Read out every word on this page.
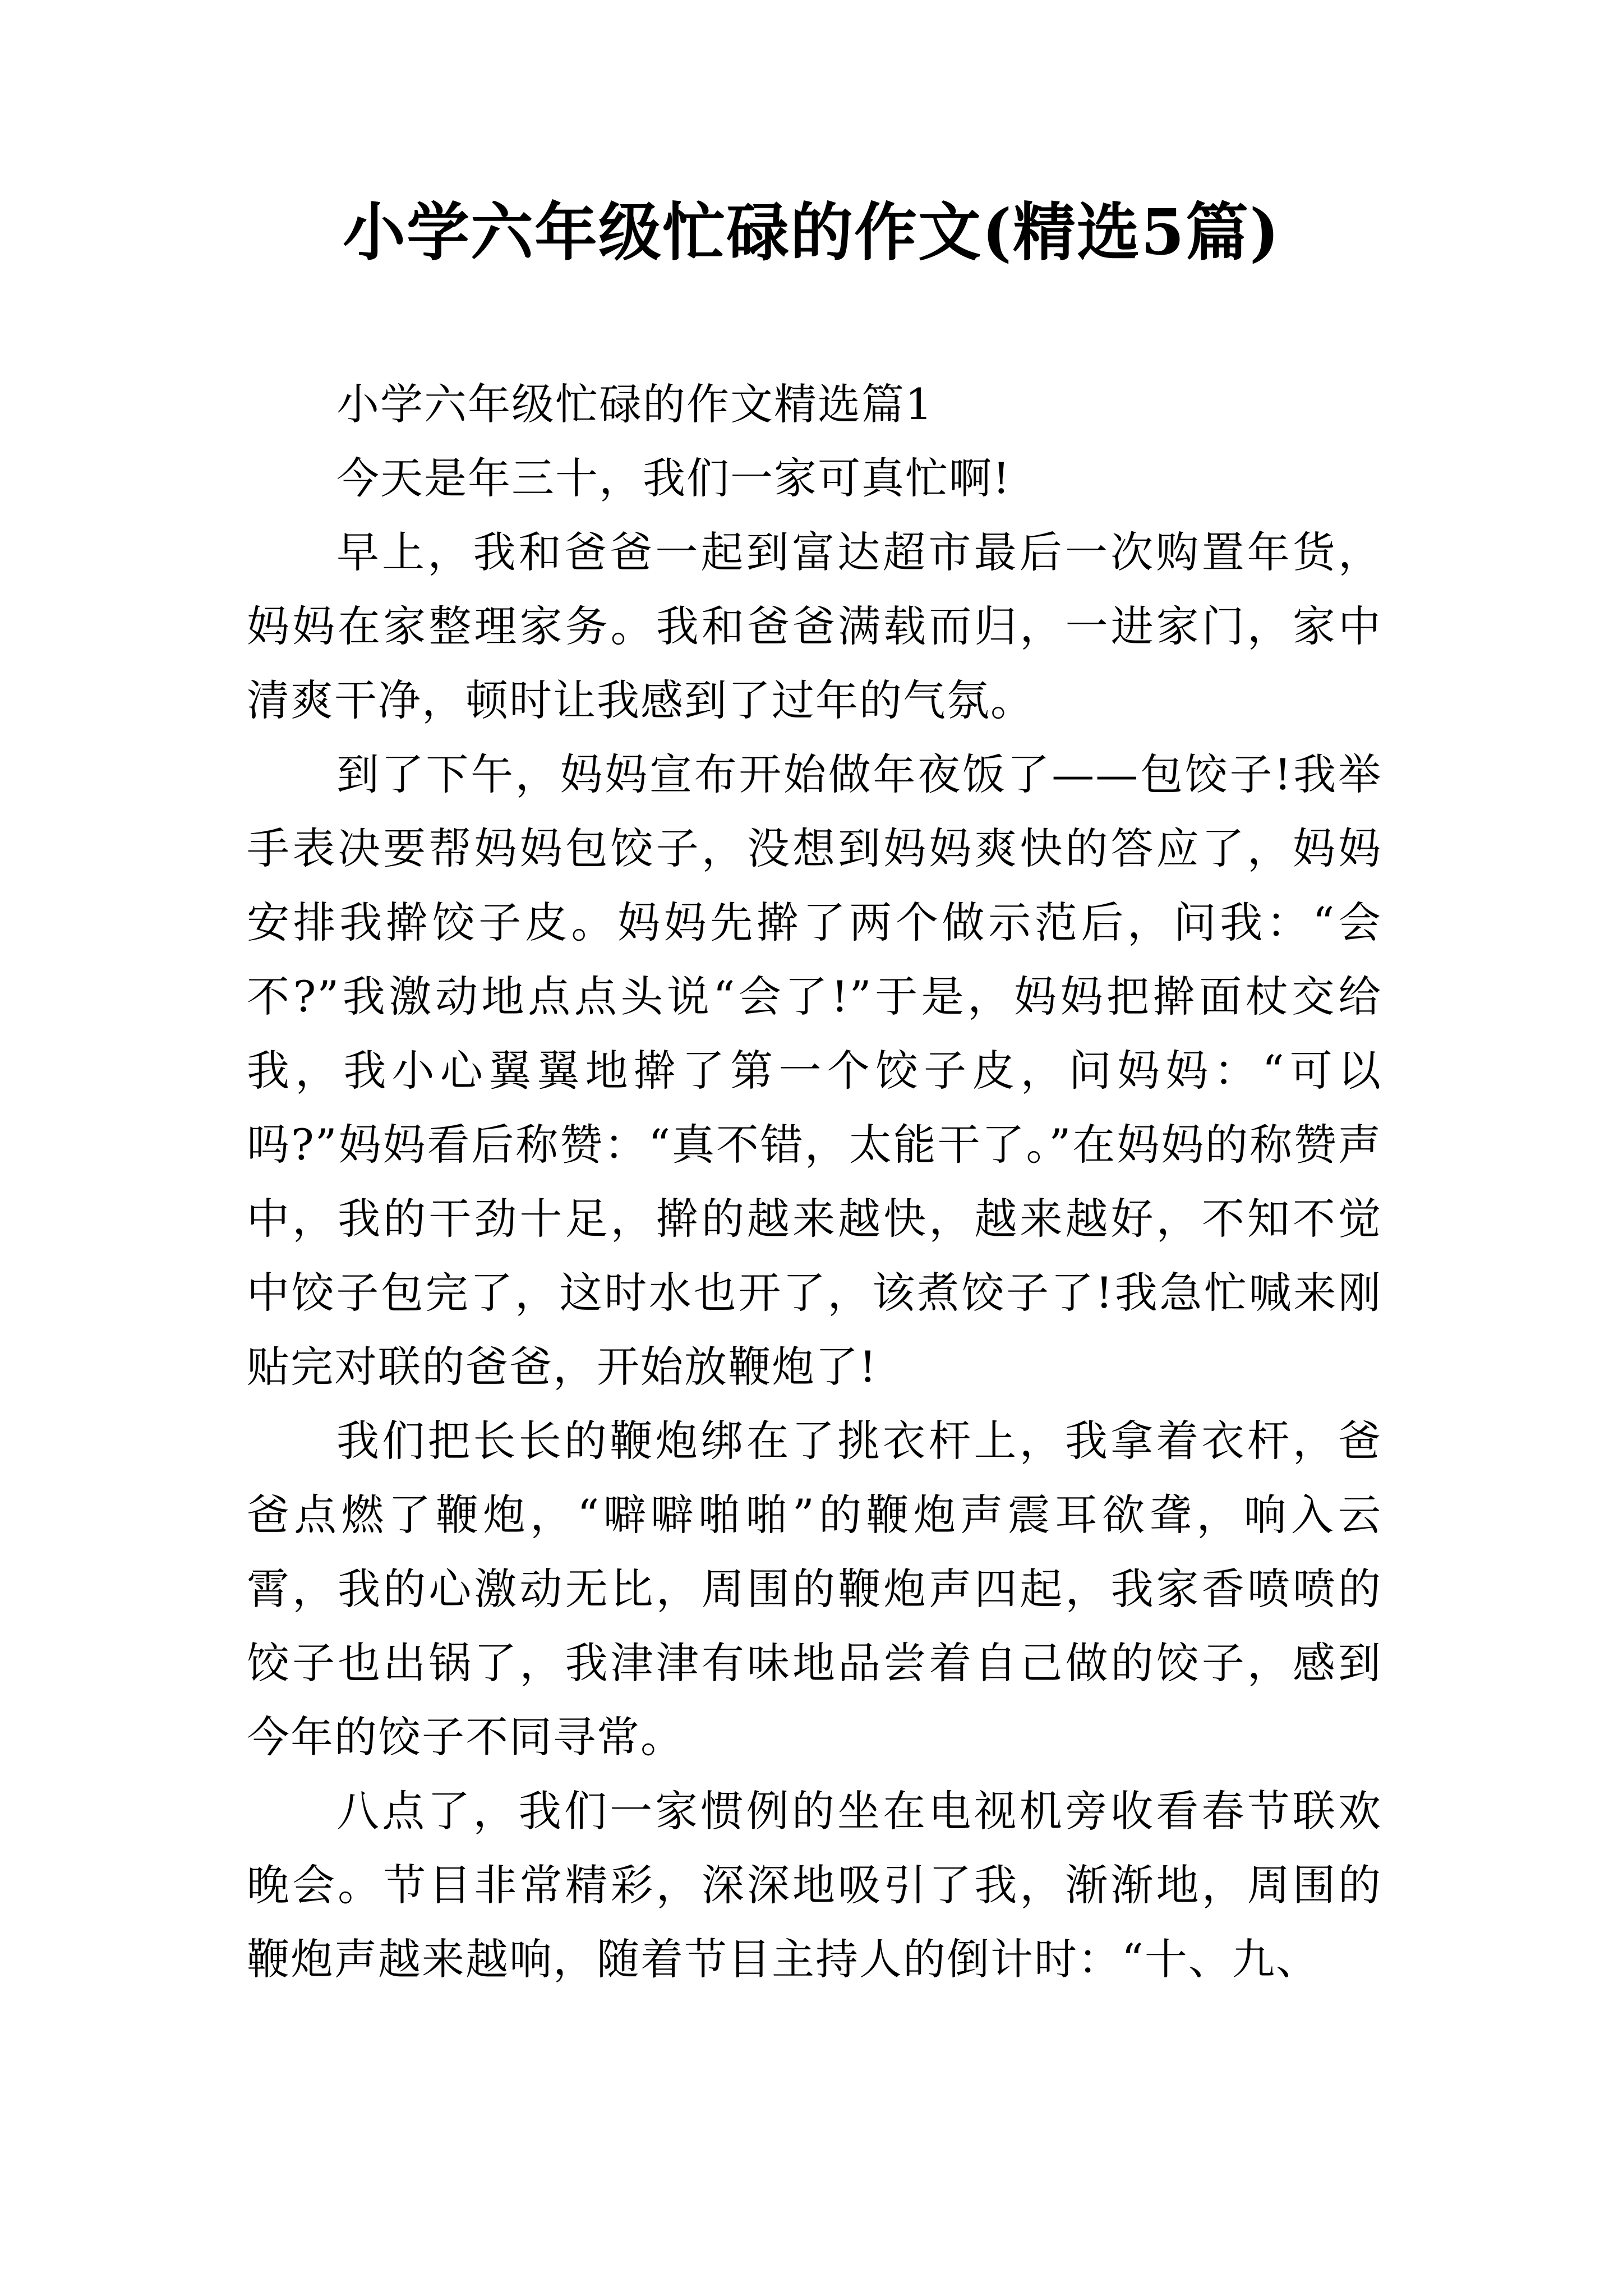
小学六年级忙碌的作文(精选5篇)

小学六年级忙碌的作文精选篇1

今天是年三十，我们一家可真忙啊!

早上，我和爸爸一起到富达超市最后一次购置年货，妈妈在家整理家务。我和爸爸满载而归，一进家门，家中清爽干净，顿时让我感到了过年的气氛。

到了下午，妈妈宣布开始做年夜饭了——包饺子!我举手表决要帮妈妈包饺子，没想到妈妈爽快的答应了，妈妈安排我擀饺子皮。妈妈先擀了两个做示范后，问我：“会不?”我激动地点点头说“会了!”于是，妈妈把擀面杖交给我，我小心翼翼地擀了第一个饺子皮，问妈妈：“可以吗?”妈妈看后称赞：“真不错，太能干了。”在妈妈的称赞声中，我的干劲十足，擀的越来越快，越来越好，不知不觉中饺子包完了，这时水也开了，该煮饺子了!我急忙喊来刚贴完对联的爸爸，开始放鞭炮了!

我们把长长的鞭炮绑在了挑衣杆上，我拿着衣杆，爸爸点燃了鞭炮，“噼噼啪啪”的鞭炮声震耳欲聋，响入云霄，我的心激动无比，周围的鞭炮声四起，我家香喷喷的饺子也出锅了，我津津有味地品尝着自己做的饺子，感到今年的饺子不同寻常。

八点了，我们一家惯例的坐在电视机旁收看春节联欢晚会。节目非常精彩，深深地吸引了我，渐渐地，周围的鞭炮声越来越响，随着节目主持人的倒计时：“十、九、
